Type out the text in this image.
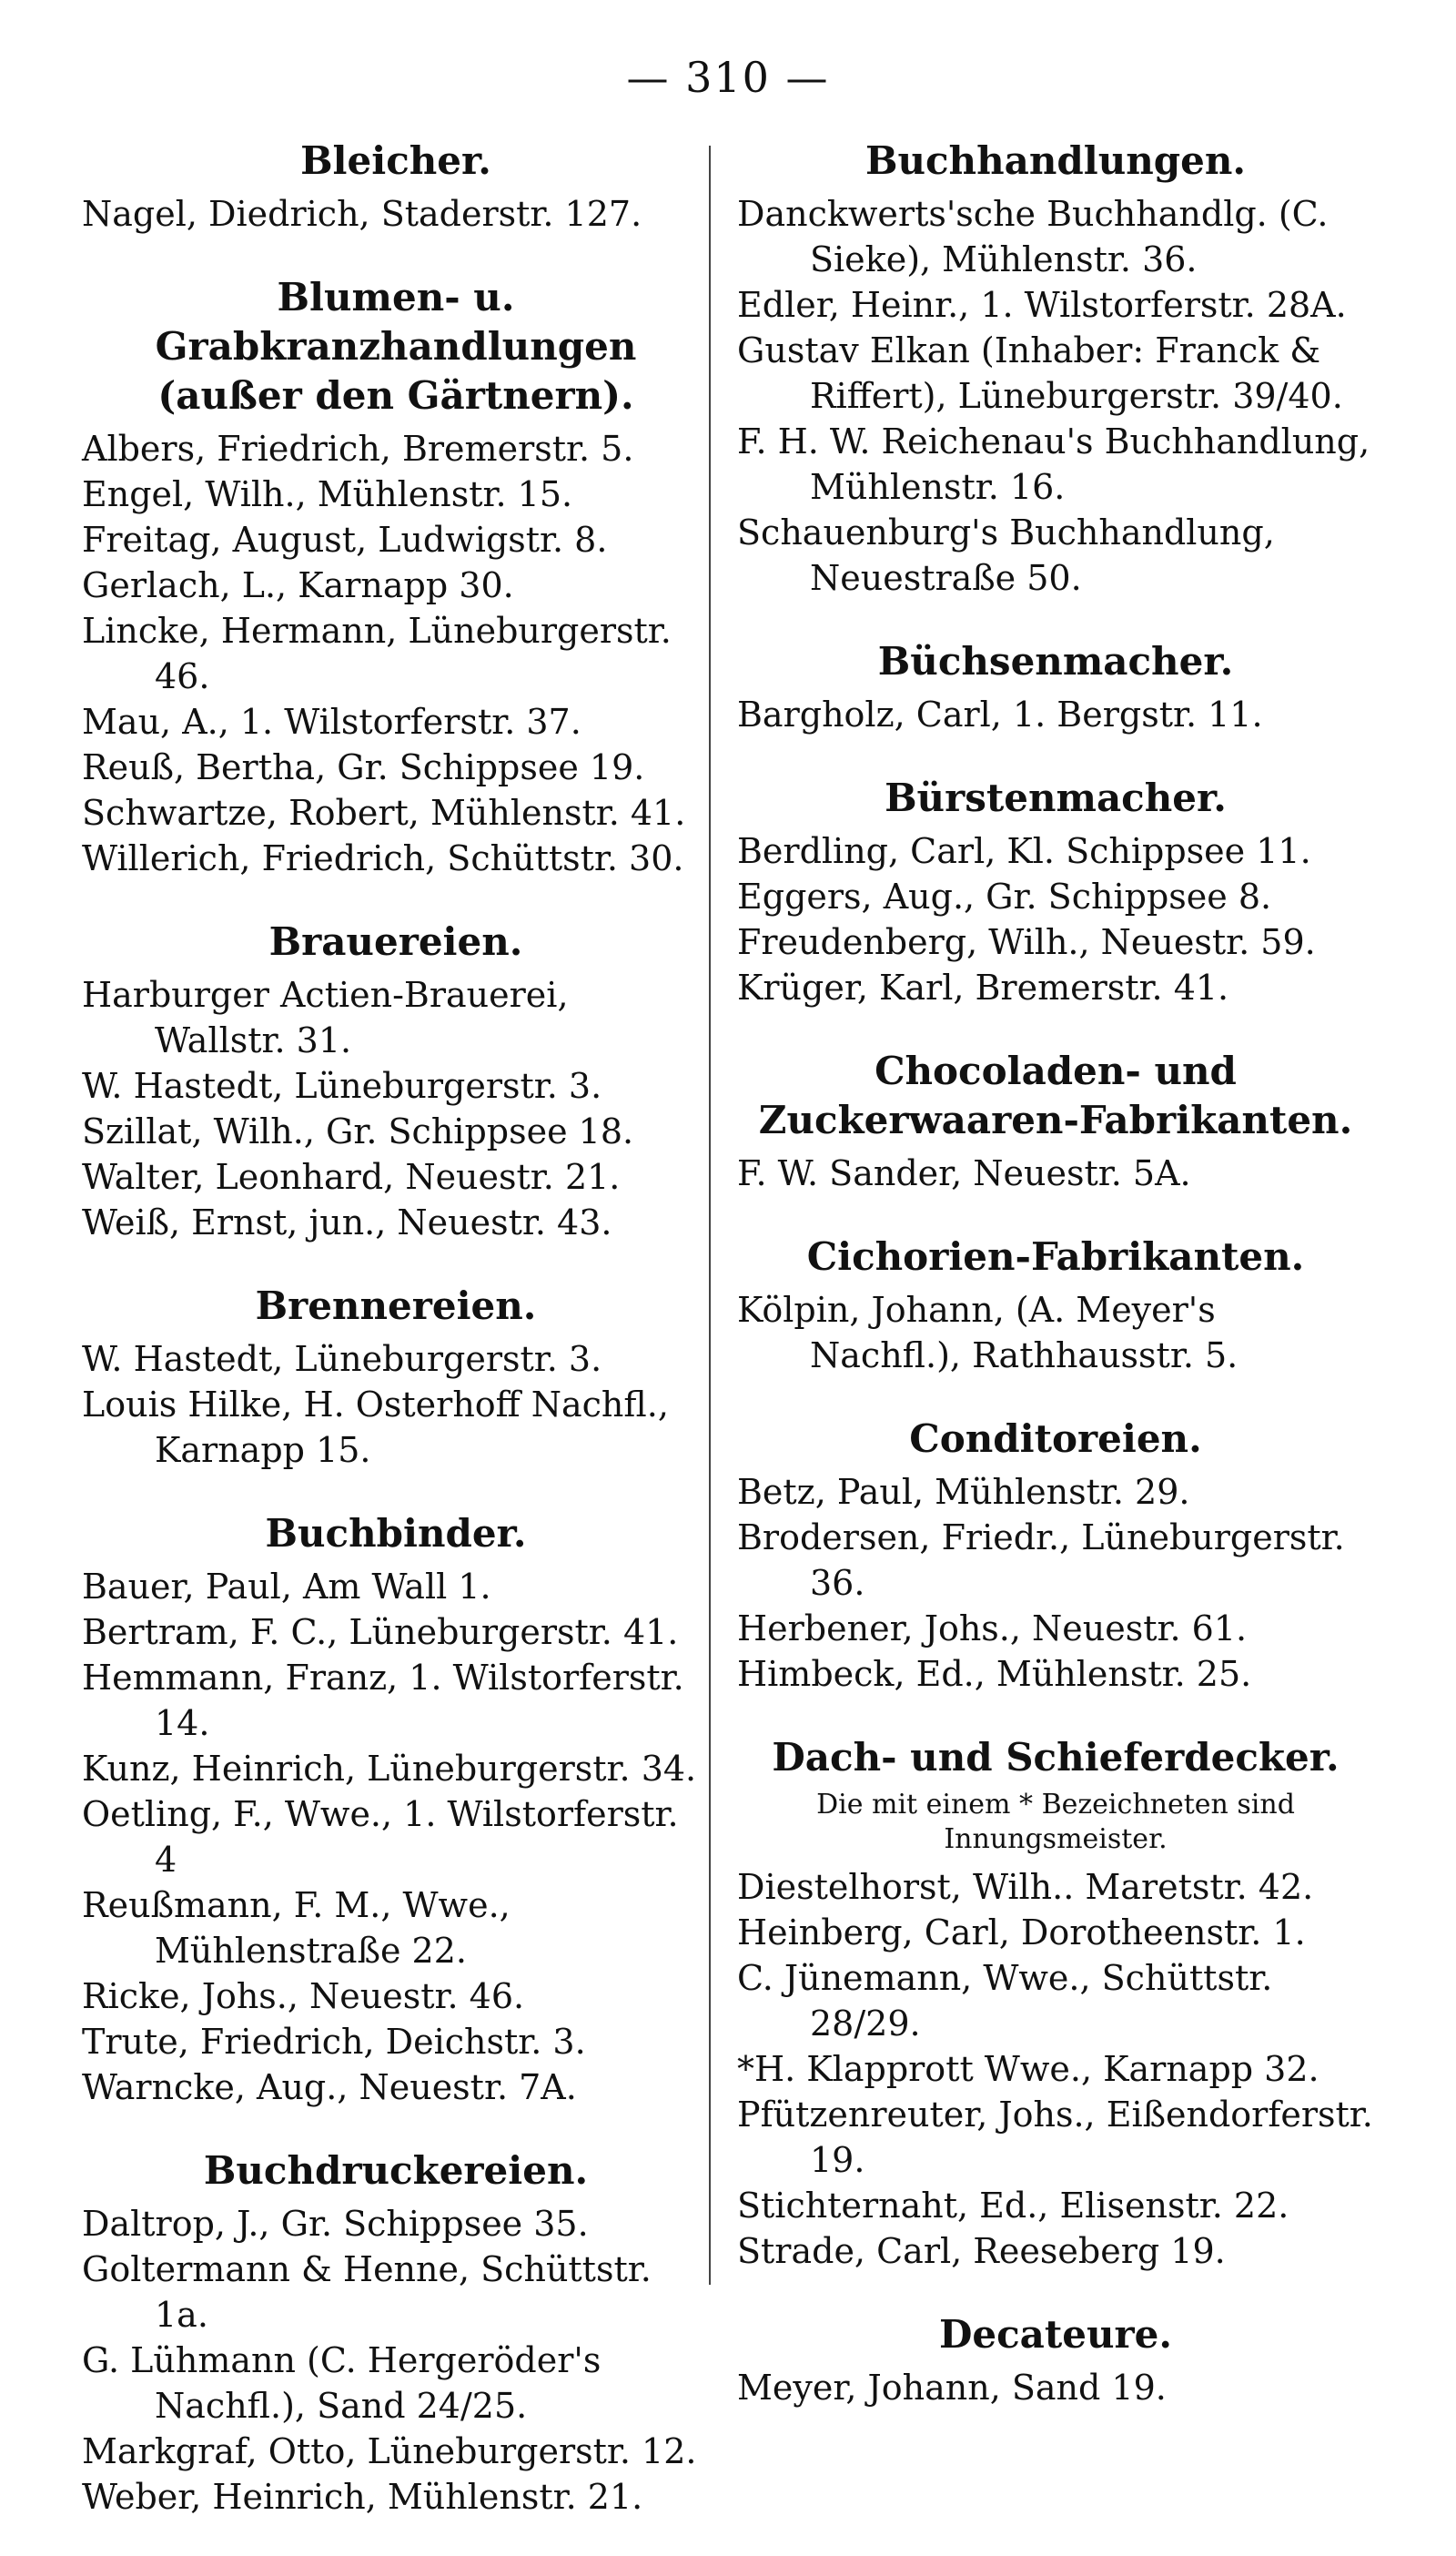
— 310 —
Bleicher.

Nagel, Diedrich, Staderstr. 127.

Blumen- u. Grabkranzhandlungen (außer den Gärtnern).

Albers, Friedrich, Bremerstr. 5.

Engel, Wilh., Mühlenstr. 15.

Freitag, August, Ludwigstr. 8.

Gerlach, L., Karnapp 30.

Lincke, Hermann, Lüneburgerstr. 46.

Mau, A., 1. Wilstorferstr. 37.

Reuß, Bertha, Gr. Schippsee 19.

Schwartze, Robert, Mühlenstr. 41.

Willerich, Friedrich, Schüttstr. 30.

Brauereien.

Harburger Actien-Brauerei, Wallstr. 31.

W. Hastedt, Lüneburgerstr. 3.

Szillat, Wilh., Gr. Schippsee 18.

Walter, Leonhard, Neuestr. 21.

Weiß, Ernst, jun., Neuestr. 43.

Brennereien.

W. Hastedt, Lüneburgerstr. 3.

Louis Hilke, H. Osterhoff Nachfl., Karnapp 15.

Buchbinder.

Bauer, Paul, Am Wall 1.

Bertram, F. C., Lüneburgerstr. 41.

Hemmann, Franz, 1. Wilstorferstr. 14.

Kunz, Heinrich, Lüneburgerstr. 34.

Oetling, F., Wwe., 1. Wilstorferstr. 4

Reußmann, F. M., Wwe., Mühlenstraße 22.

Ricke, Johs., Neuestr. 46.

Trute, Friedrich, Deichstr. 3.

Warncke, Aug., Neuestr. 7A.

Buchdruckereien.

Daltrop, J., Gr. Schippsee 35.

Goltermann & Henne, Schüttstr. 1a.

G. Lühmann (C. Hergeröder's Nachfl.), Sand 24/25.

Markgraf, Otto, Lüneburgerstr. 12.

Weber, Heinrich, Mühlenstr. 21.

Buchhandlungen.

Danckwerts'sche Buchhandlg. (C. Sieke), Mühlenstr. 36.

Edler, Heinr., 1. Wilstorferstr. 28A.

Gustav Elkan (Inhaber: Franck & Riffert), Lüneburgerstr. 39/40.

F. H. W. Reichenau's Buchhandlung, Mühlenstr. 16.

Schauenburg's Buchhandlung, Neuestraße 50.

Büchsenmacher.

Bargholz, Carl, 1. Bergstr. 11.

Bürstenmacher.

Berdling, Carl, Kl. Schippsee 11.

Eggers, Aug., Gr. Schippsee 8.

Freudenberg, Wilh., Neuestr. 59.

Krüger, Karl, Bremerstr. 41.

Chocoladen- und Zuckerwaaren-Fabrikanten.

F. W. Sander, Neuestr. 5A.

Cichorien-Fabrikanten.

Kölpin, Johann, (A. Meyer's Nachfl.), Rathhausstr. 5.

Conditoreien.

Betz, Paul, Mühlenstr. 29.

Brodersen, Friedr., Lüneburgerstr. 36.

Herbener, Johs., Neuestr. 61.

Himbeck, Ed., Mühlenstr. 25.

Dach- und Schieferdecker.
Die mit einem * Bezeichneten sind Innungsmeister.

Diestelhorst, Wilh.. Maretstr. 42.

Heinberg, Carl, Dorotheenstr. 1.

C. Jünemann, Wwe., Schüttstr. 28/29.

*H. Klapprott Wwe., Karnapp 32.

Pfützenreuter, Johs., Eißendorferstr. 19.

Stichternaht, Ed., Elisenstr. 22.

Strade, Carl, Reeseberg 19.

Decateure.

Meyer, Johann, Sand 19.
